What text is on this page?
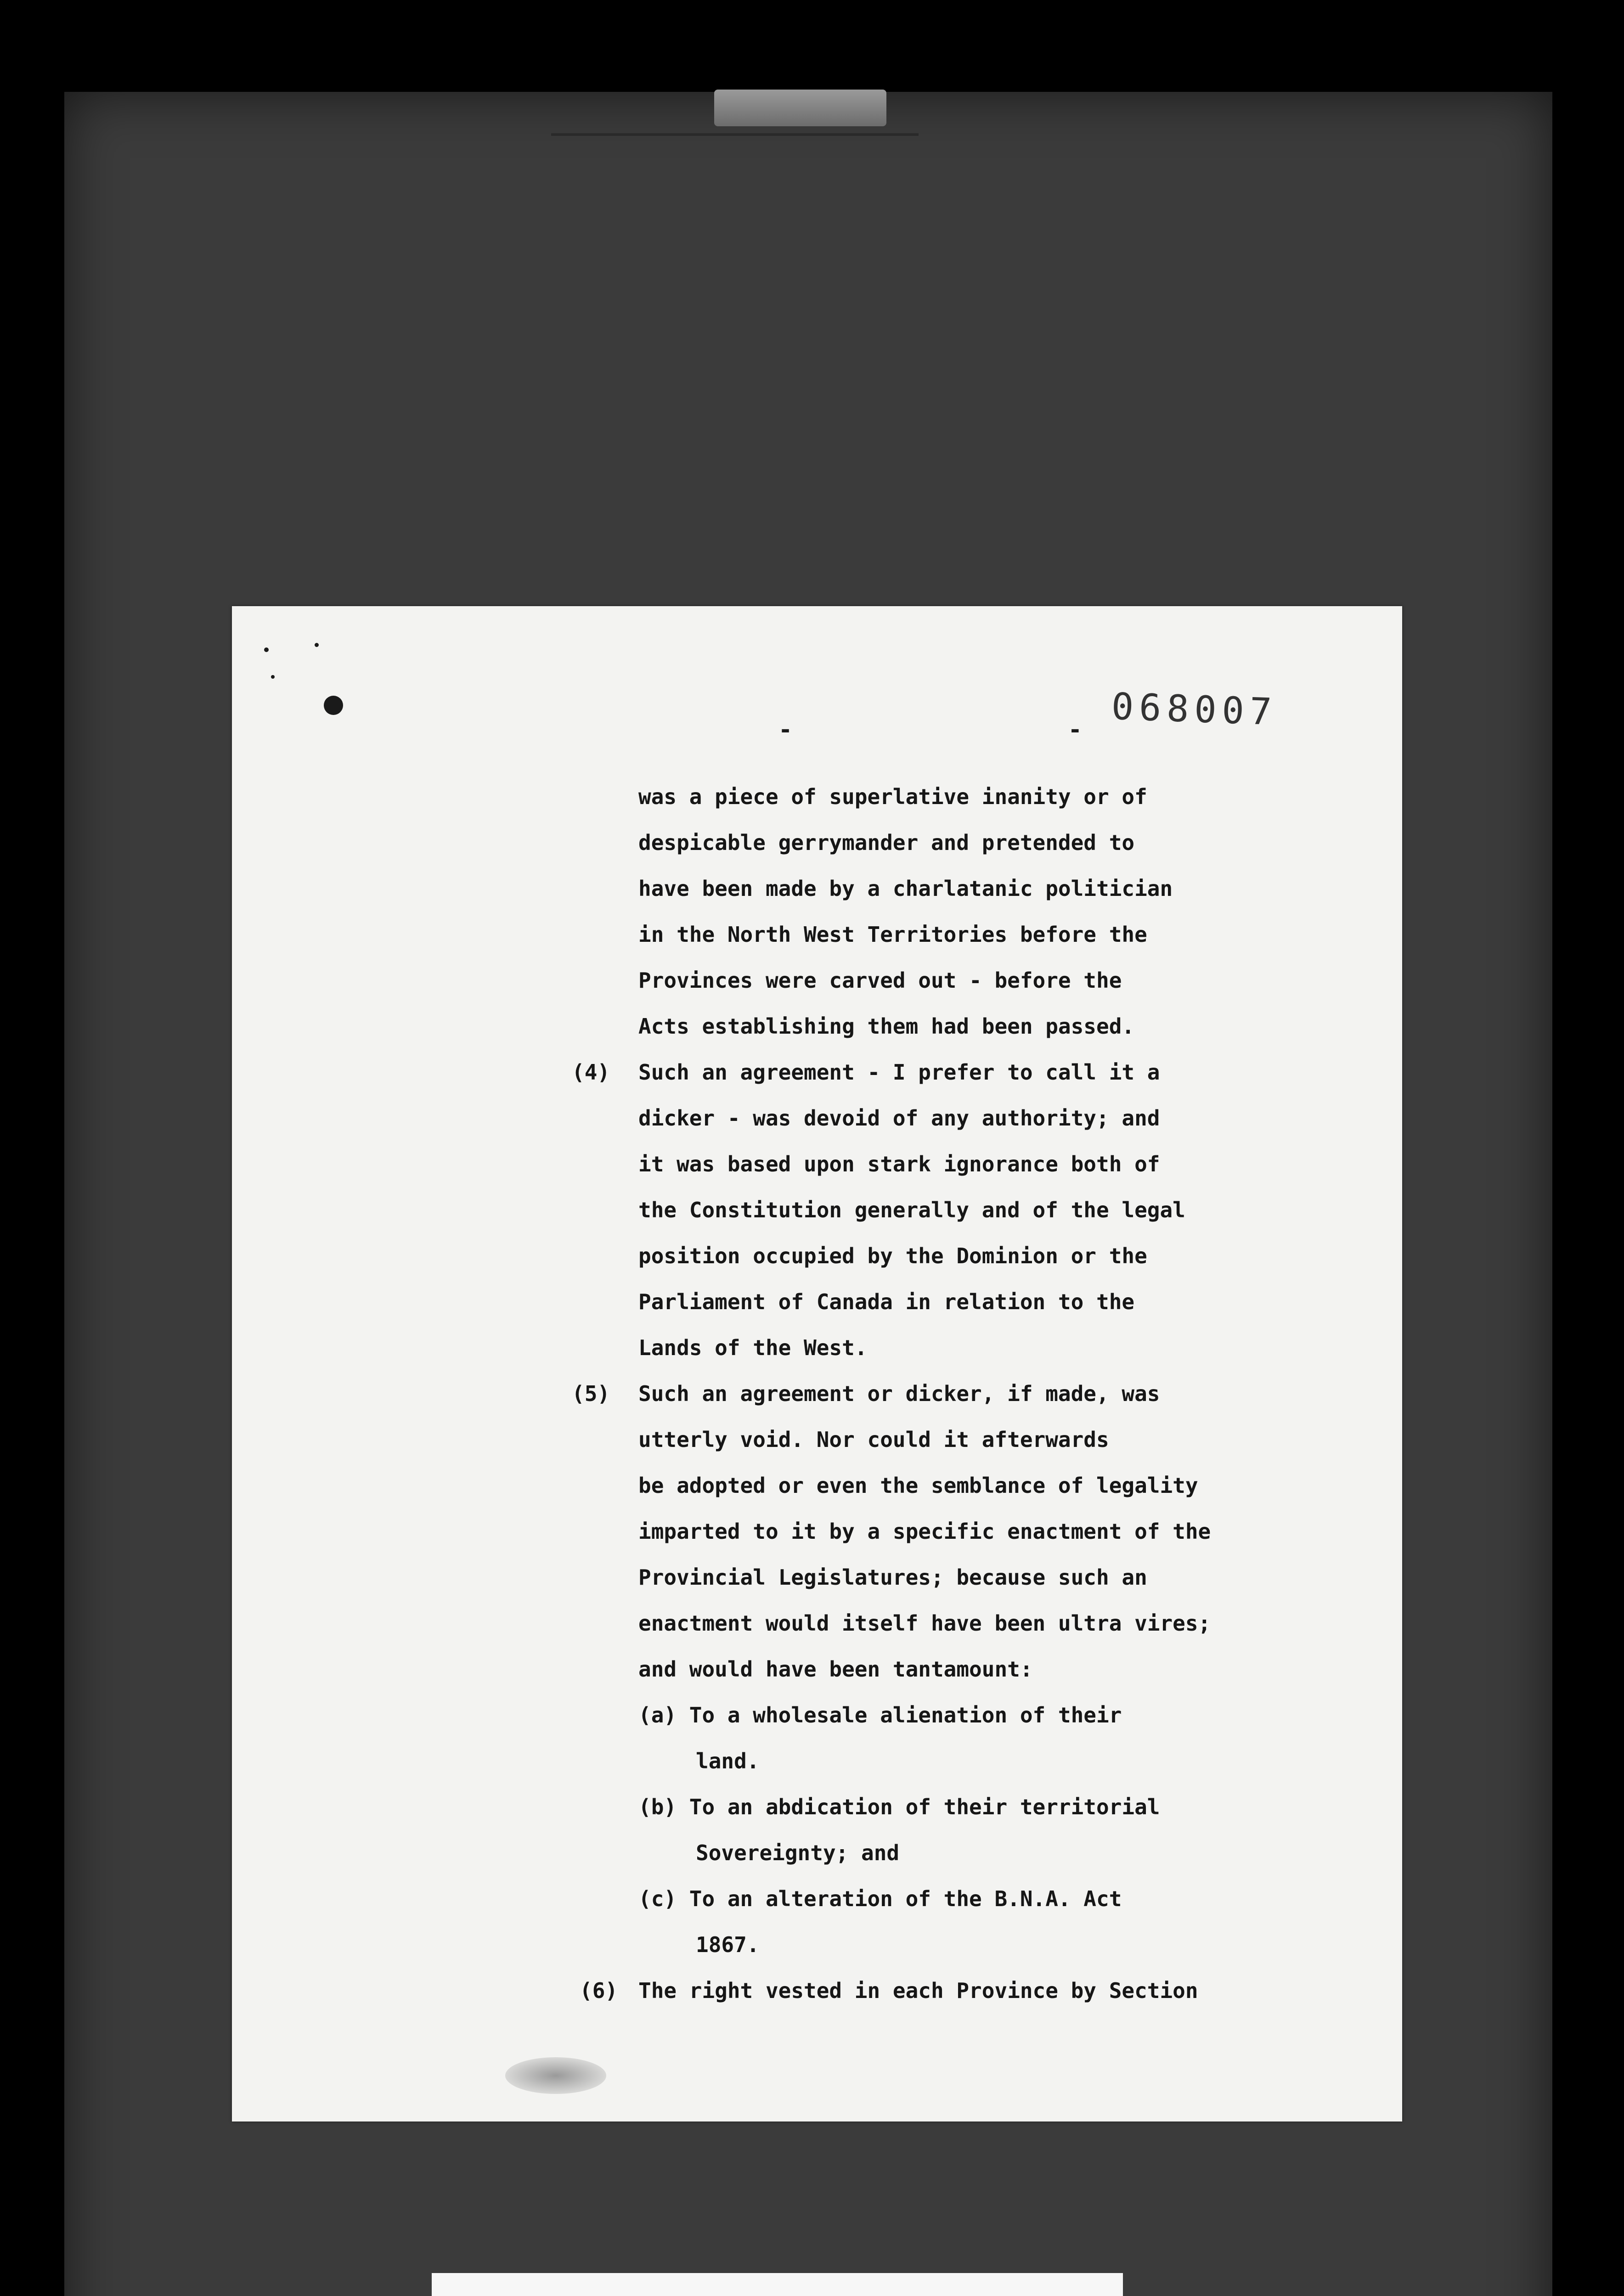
-      - 068007
was a piece of superlative inanity or of
despicable gerrymander and pretended to
have been made by a charlatanic politician
in the North West Territories before the
Provinces were carved out - before the
Acts establishing them had been passed.
(4) Such an agreement - I prefer to call it a
dicker - was devoid of any authority; and
it was based upon stark ignorance both of
the Constitution generally and of the legal
position occupied by the Dominion or the
Parliament of Canada in relation to the
Lands of the West.
(5) Such an agreement or dicker, if made, was
utterly void. Nor could it afterwards
be adopted or even the semblance of legality
imparted to it by a specific enactment of the
Provincial Legislatures; because such an
enactment would itself have been ultra vires;
and would have been tantamount:
(a) To a wholesale alienation of their
land.
(b) To an abdication of their territorial
Sovereignty; and
(c) To an alteration of the B.N.A. Act
1867.
(6) The right vested in each Province by Section
